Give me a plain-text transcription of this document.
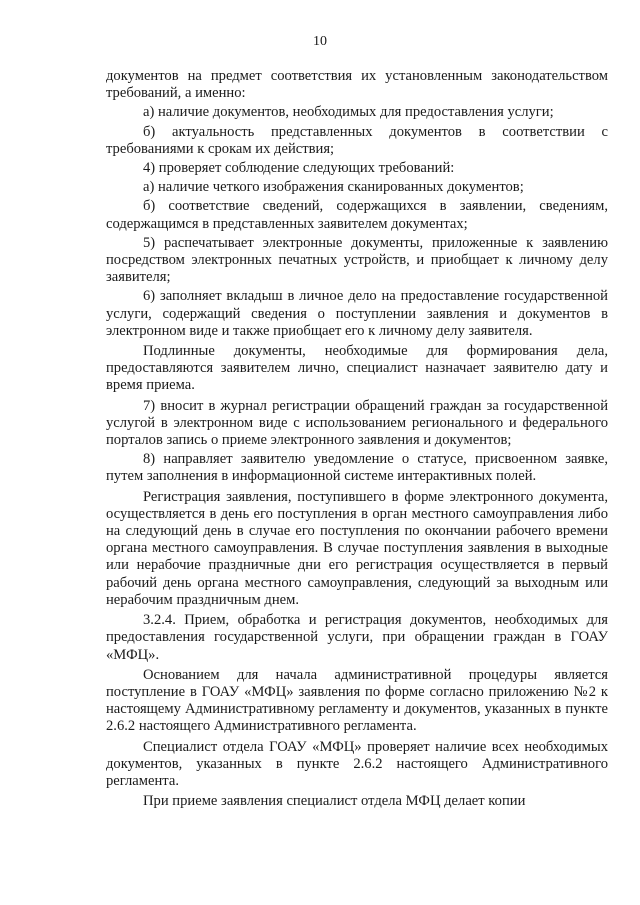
10

документов на предмет соответствия их установленным законодательством требований, а именно:

а) наличие документов, необходимых для предоставления услуги;

б) актуальность представленных документов в соответствии с требованиями к срокам их действия;

4) проверяет соблюдение следующих требований:

а) наличие четкого изображения сканированных документов;

б) соответствие сведений, содержащихся в заявлении, сведениям, содержащимся в представленных заявителем документах;

5) распечатывает электронные документы, приложенные к заявлению посредством электронных печатных устройств, и приобщает к личному делу заявителя;

6) заполняет вкладыш в личное дело на предоставление государственной услуги, содержащий сведения о поступлении заявления и документов в электронном виде и также приобщает его к личному делу заявителя.

Подлинные документы, необходимые для формирования дела, предоставляются заявителем лично, специалист назначает заявителю дату и время приема.

7) вносит в журнал регистрации обращений граждан за государственной услугой в электронном виде с использованием регионального и федерального порталов запись о приеме электронного заявления и документов;

8) направляет заявителю уведомление о статусе, присвоенном заявке, путем заполнения в информационной системе интерактивных полей.

Регистрация заявления, поступившего в форме электронного документа, осуществляется в день его поступления в орган местного самоуправления либо на следующий день в случае его поступления по окончании рабочего времени органа местного самоуправления. В случае поступления заявления в выходные или нерабочие праздничные дни его регистрация осуществляется в первый рабочий день органа местного самоуправления, следующий за выходным или нерабочим праздничным днем.

3.2.4. Прием, обработка и регистрация документов, необходимых для предоставления государственной услуги, при обращении граждан в ГОАУ «МФЦ».

Основанием для начала административной процедуры является поступление в ГОАУ «МФЦ» заявления по форме согласно приложению №2 к настоящему Административному регламенту и документов, указанных в пункте 2.6.2 настоящего Административного регламента.

Специалист отдела ГОАУ «МФЦ» проверяет наличие всех необходимых документов, указанных в пункте 2.6.2 настоящего Административного регламента.

При приеме заявления специалист отдела МФЦ делает копии
